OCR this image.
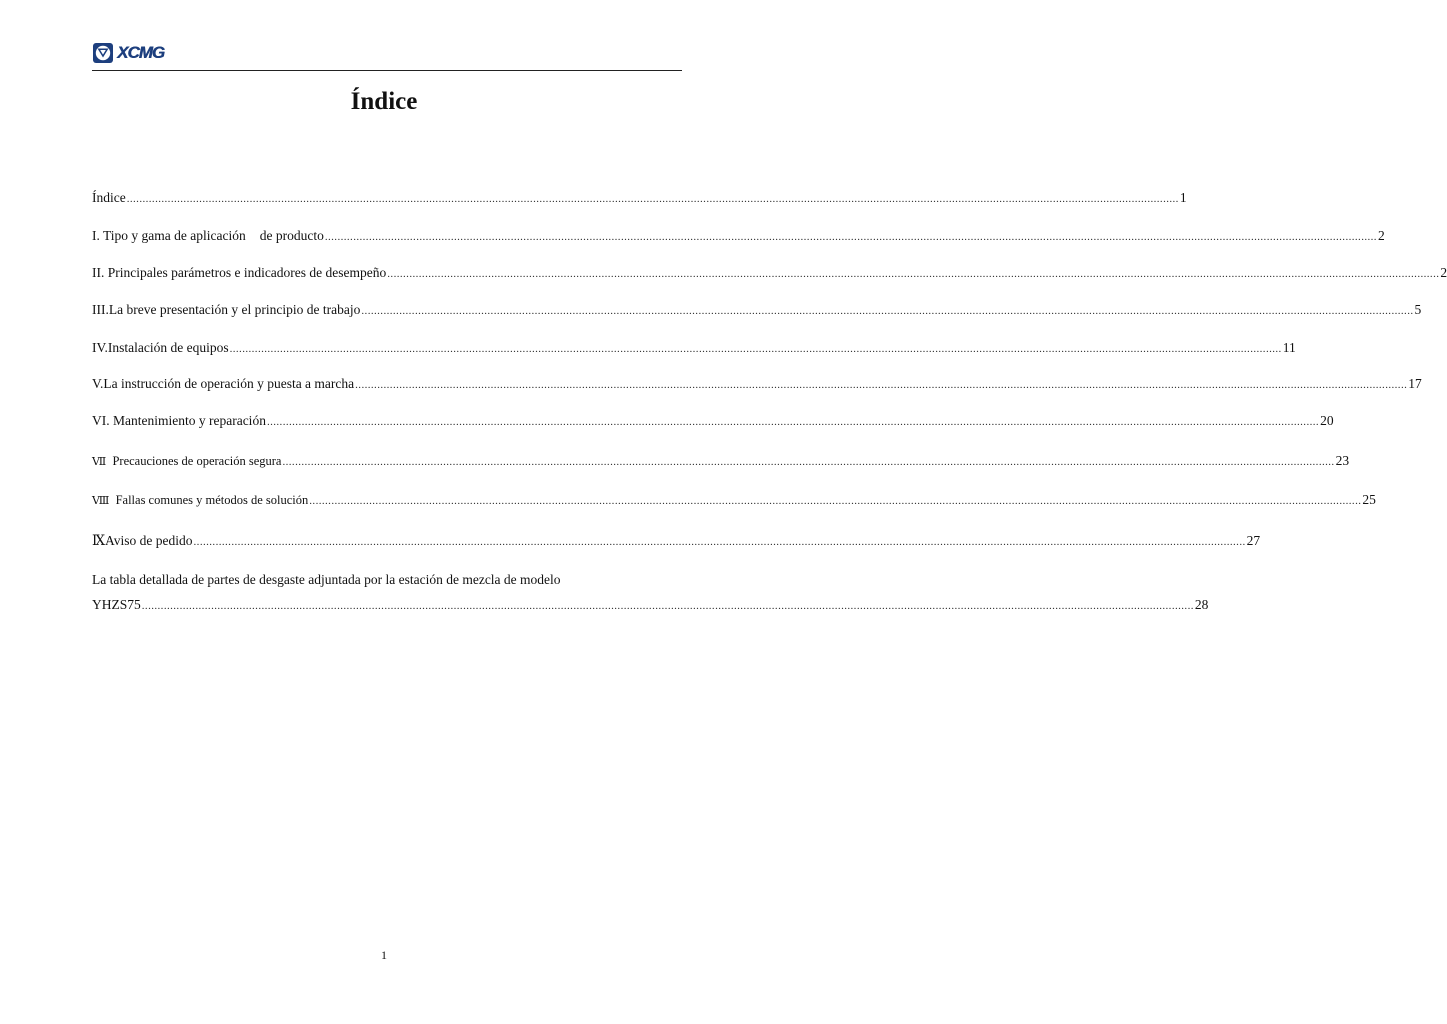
XCMG
Índice
Índice .............................................................................................................................................................................................................................................................................................................................................. 1
I. Tipo y gama de aplicación de producto .............................................................................................................................................................................................................................................................................................................................................. 2
II. Principales parámetros e indicadores de desempeño .............................................................................................................................................................................................................................................................................................................................................. 2
III.La breve presentación y el principio de trabajo .............................................................................................................................................................................................................................................................................................................................................. 5
IV.Instalación de equipos .............................................................................................................................................................................................................................................................................................................................................. 11
V.La instrucción de operación y puesta a marcha .............................................................................................................................................................................................................................................................................................................................................. 17
VI. Mantenimiento y reparación .............................................................................................................................................................................................................................................................................................................................................. 20
Ⅶ Precauciones de operación segura .............................................................................................................................................................................................................................................................................................................................................. 23
Ⅷ Fallas comunes y métodos de solución .............................................................................................................................................................................................................................................................................................................................................. 25
ⅨAviso de pedido .............................................................................................................................................................................................................................................................................................................................................. 27
La tabla detallada de partes de desgaste adjuntada por la estación de mezcla de modelo
YHZS75 .............................................................................................................................................................................................................................................................................................................................................. 28
1
